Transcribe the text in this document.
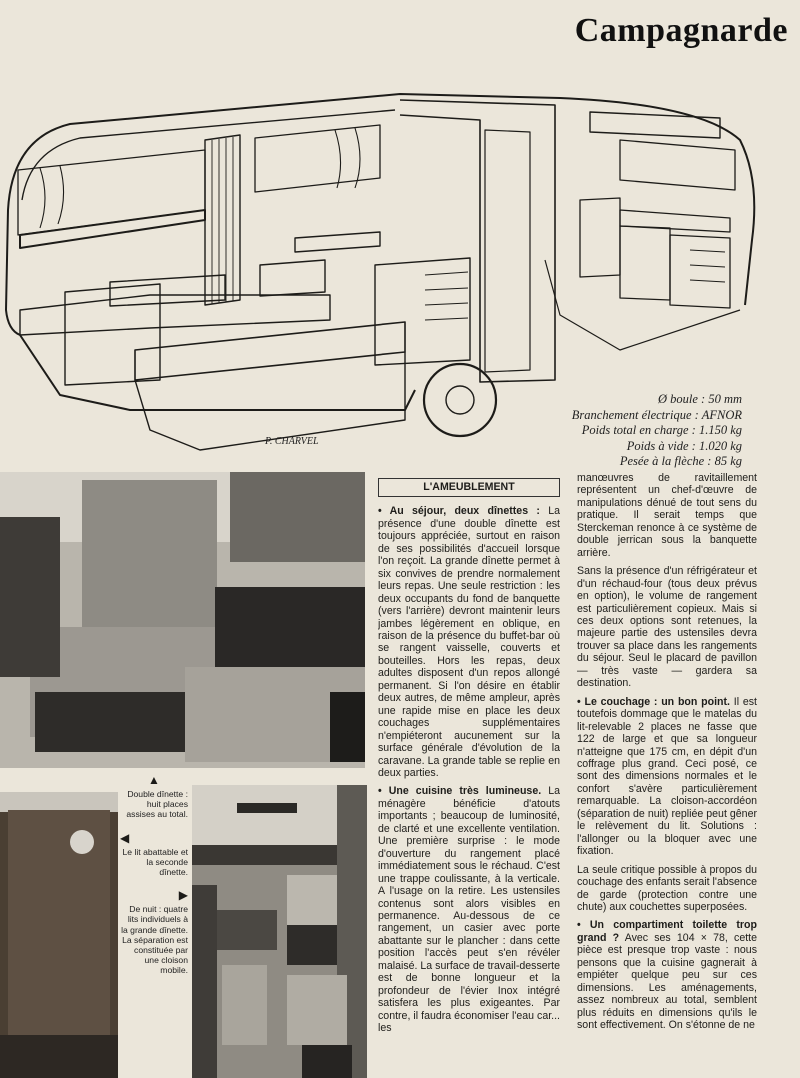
Campagnarde
P. CHARVEL
Ø boule : 50 mm
Branchement électrique : AFNOR
Poids total en charge : 1.150 kg
Poids à vide : 1.020 kg
Pesée à la flèche : 85 kg
▲
Double dînette : huit places assises au total.
◀
Le lit abattable et la seconde dînette.
▶
De nuit : quatre lits individuels à la grande dînette. La séparation est constituée par une cloison mobile.
L'AMEUBLEMENT

• Au séjour, deux dînettes : La présence d'une double dînette est toujours appréciée, surtout en raison de ses possibilités d'accueil lorsque l'on reçoit. La grande dînette permet à six convives de prendre normalement leurs repas. Une seule restriction : les deux occupants du fond de banquette (vers l'arrière) devront maintenir leurs jambes légèrement en oblique, en raison de la présence du buffet-bar où se rangent vaisselle, couverts et bouteilles. Hors les repas, deux adultes disposent d'un repos allongé permanent. Si l'on désire en établir deux autres, de même ampleur, après une rapide mise en place les deux couchages supplémentaires n'empiéteront aucunement sur la surface générale d'évolution de la caravane. La grande table se replie en deux parties.

• Une cuisine très lumineuse. La ménagère bénéficie d'atouts importants ; beaucoup de luminosité, de clarté et une excellente ventilation. Une première surprise : le mode d'ouverture du rangement placé immédiatement sous le réchaud. C'est une trappe coulissante, à la verticale. A l'usage on la retire. Les ustensiles contenus sont alors visibles en permanence. Au-dessous de ce rangement, un casier avec porte abattante sur le plancher : dans cette position l'accès peut s'en révéler malaisé. La surface de travail-desserte est de bonne longueur et la profondeur de l'évier Inox intégré satisfera les plus exigeantes. Par contre, il faudra économiser l'eau car... les

manœuvres de ravitaillement représentent un chef-d'œuvre de manipulations dénué de tout sens du pratique. Il serait temps que Sterckeman renonce à ce système de double jerrican sous la banquette arrière.

Sans la présence d'un réfrigérateur et d'un réchaud-four (tous deux prévus en option), le volume de rangement est particulièrement copieux. Mais si ces deux options sont retenues, la majeure partie des ustensiles devra trouver sa place dans les rangements du séjour. Seul le placard de pavillon — très vaste — gardera sa destination.

• Le couchage : un bon point. Il est toutefois dommage que le matelas du lit-relevable 2 places ne fasse que 122 de large et que sa longueur n'atteigne que 175 cm, en dépit d'un coffrage plus grand. Ceci posé, ce sont des dimensions normales et le confort s'avère particulièrement remarquable. La cloison-accordéon (séparation de nuit) repliée peut gêner le relèvement du lit. Solutions : l'allonger ou la bloquer avec une fixation.

La seule critique possible à propos du couchage des enfants serait l'absence de garde (protection contre une chute) aux couchettes superposées.

• Un compartiment toilette trop grand ? Avec ses 104 × 78, cette pièce est presque trop vaste : nous pensons que la cuisine gagnerait à empiéter quelque peu sur ces dimensions. Les aménagements, assez nombreux au total, semblent plus réduits en dimensions qu'ils le sont effectivement. On s'étonne de ne
